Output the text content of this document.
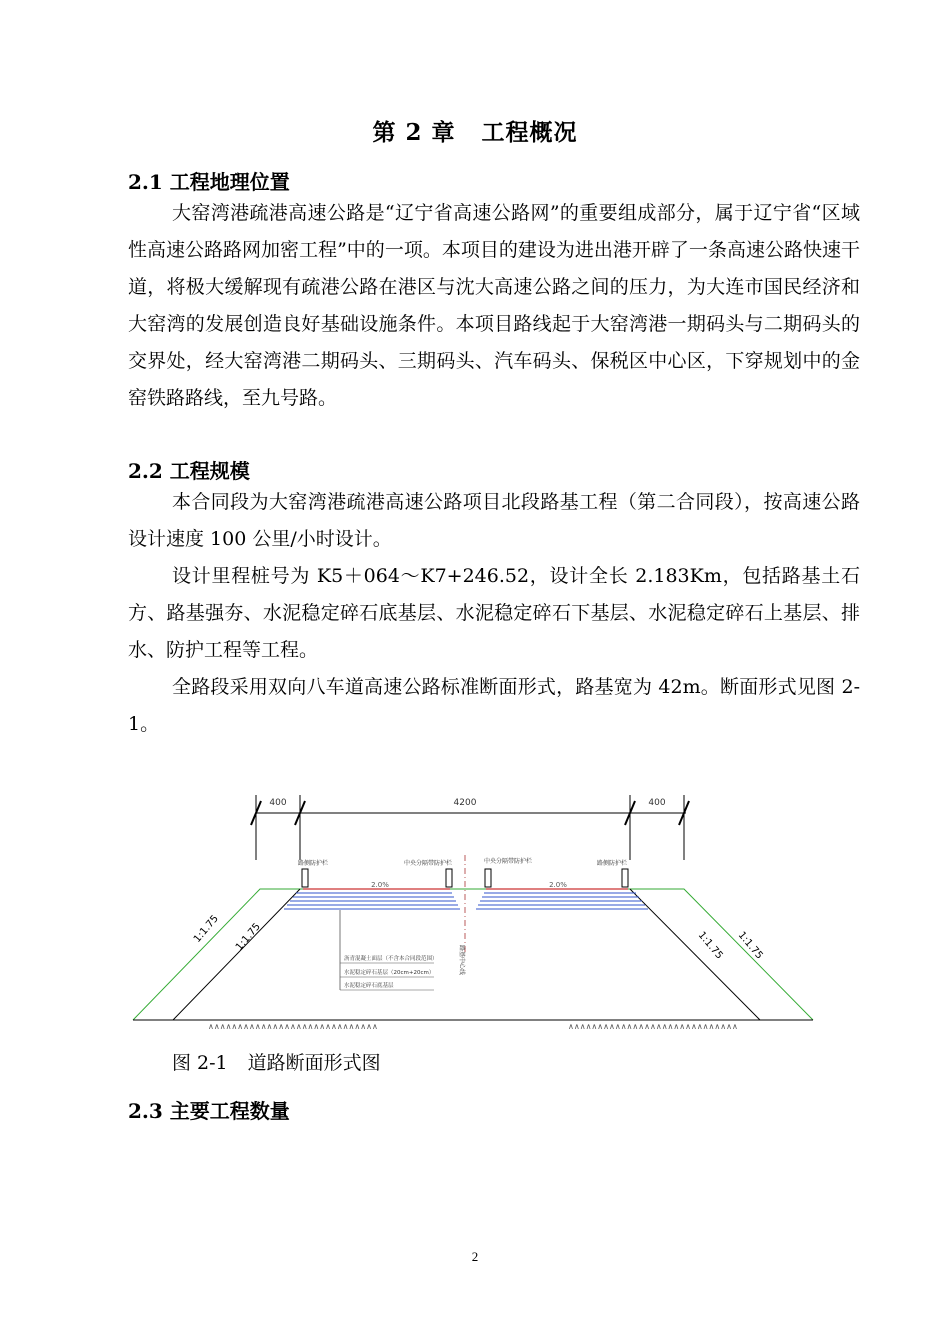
第 2 章 工程概况
2.1 工程地理位置

大窑湾港疏港高速公路是“辽宁省高速公路网”的重要组成部分，属于辽宁省“区域性高速公路路网加密工程”中的一项。本项目的建设为进出港开辟了一条高速公路快速干道，将极大缓解现有疏港公路在港区与沈大高速公路之间的压力，为大连市国民经济和大窑湾的发展创造良好基础设施条件。本项目路线起于大窑湾港一期码头与二期码头的交界处，经大窑湾港二期码头、三期码头、汽车码头、保税区中心区，下穿规划中的金窑铁路路线，至九号路。

2.2 工程规模

本合同段为大窑湾港疏港高速公路项目北段路基工程（第二合同段），按高速公路设计速度 100 公里/小时设计。

设计里程桩号为 K5＋064～K7+246.52，设计全长 2.183Km，包括路基土石方、路基强夯、水泥稳定碎石底基层、水泥稳定碎石下基层、水泥稳定碎石上基层、排水、防护工程等工程。

全路段采用双向八车道高速公路标准断面形式，路基宽为 42m。断面形式见图 2-1。

400	4200	400
∧∧∧∧∧∧∧∧∧∧∧∧∧∧∧∧∧∧∧∧∧∧∧∧∧∧∧∧∧	∧∧∧∧∧∧∧∧∧∧∧∧∧∧∧∧∧∧∧∧∧∧∧∧∧∧∧∧∧
1:1.75 1:1.75	1:1.75 1:1.75
2.0%	2.0%
路侧防护栏	中央分隔带防护栏	中央分隔带防护栏	路侧防护栏
路基中心线
沥青混凝土面层（不含本合同段范围）
水泥稳定碎石基层（20cm+20cm）
水泥稳定碎石底基层
图 2-1 道路断面形式图
2.3 主要工程数量
2
